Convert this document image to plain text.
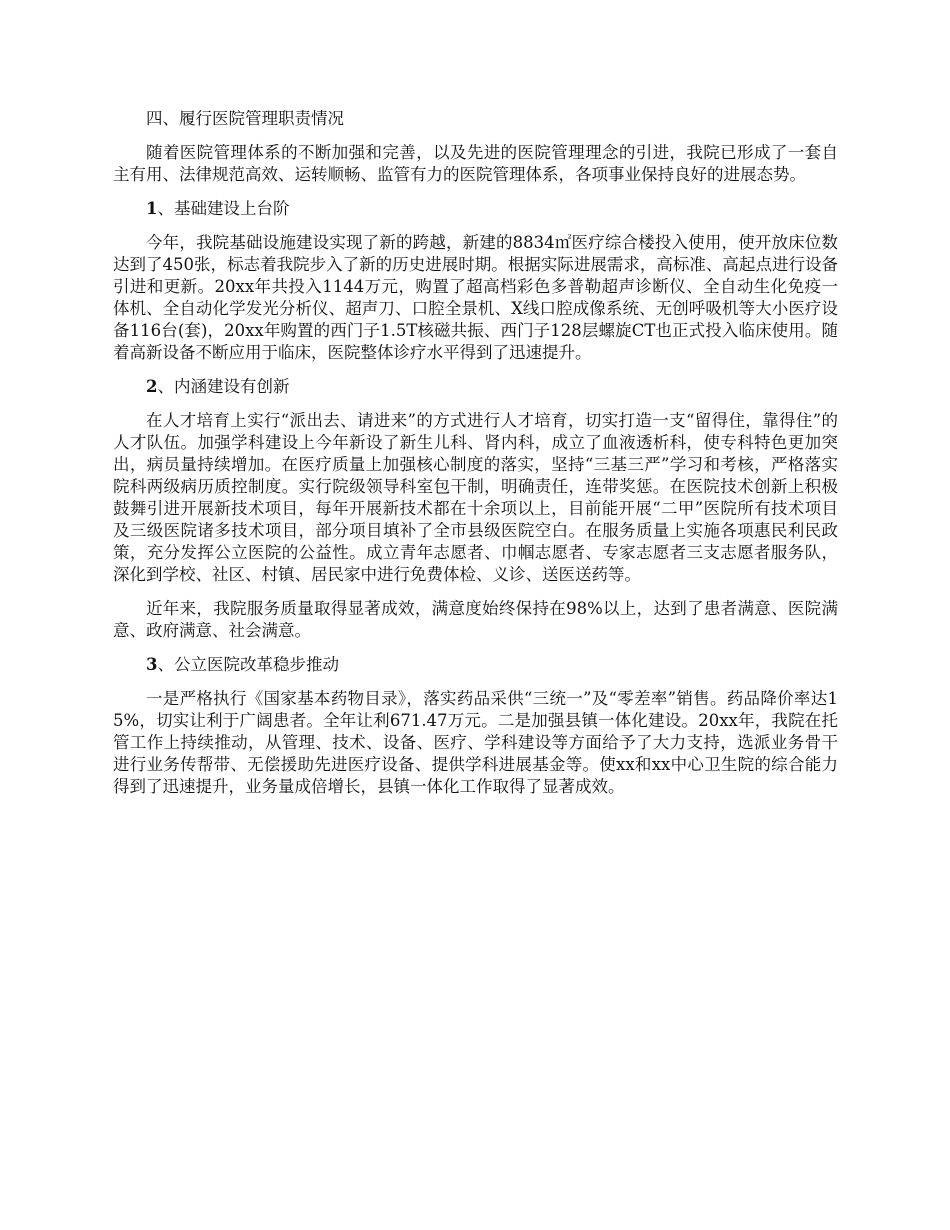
四、履行医院管理职责情况

随着医院管理体系的不断加强和完善，以及先进的医院管理理念的引进，我院已形成了一套自主有用、法律规范高效、运转顺畅、监管有力的医院管理体系，各项事业保持良好的进展态势。

1、基础建设上台阶

今年，我院基础设施建设实现了新的跨越，新建的8834㎡医疗综合楼投入使用，使开放床位数达到了450张，标志着我院步入了新的历史进展时期。根据实际进展需求，高标准、高起点进行设备引进和更新。20xx年共投入1144万元，购置了超高档彩色多普勒超声诊断仪、全自动生化免疫一体机、全自动化学发光分析仪、超声刀、口腔全景机、X线口腔成像系统、无创呼吸机等大小医疗设备116台(套)，20xx年购置的西门子1.5T核磁共振、西门子128层螺旋CT也正式投入临床使用。随着高新设备不断应用于临床，医院整体诊疗水平得到了迅速提升。

2、内涵建设有创新

在人才培育上实行“派出去、请进来”的方式进行人才培育，切实打造一支“留得住，靠得住”的人才队伍。加强学科建设上今年新设了新生儿科、肾内科，成立了血液透析科，使专科特色更加突出，病员量持续增加。在医疗质量上加强核心制度的落实，坚持“三基三严”学习和考核，严格落实院科两级病历质控制度。实行院级领导科室包干制，明确责任，连带奖惩。在医院技术创新上积极鼓舞引进开展新技术项目，每年开展新技术都在十余项以上，目前能开展“二甲”医院所有技术项目及三级医院诸多技术项目，部分项目填补了全市县级医院空白。在服务质量上实施各项惠民利民政策，充分发挥公立医院的公益性。成立青年志愿者、巾帼志愿者、专家志愿者三支志愿者服务队，深化到学校、社区、村镇、居民家中进行免费体检、义诊、送医送药等。

近年来，我院服务质量取得显著成效，满意度始终保持在98%以上，达到了患者满意、医院满意、政府满意、社会满意。

3、公立医院改革稳步推动

一是严格执行《国家基本药物目录》，落实药品采供“三统一”及“零差率”销售。药品降价率达15%，切实让利于广阔患者。全年让利671.47万元。二是加强县镇一体化建设。20xx年，我院在托管工作上持续推动，从管理、技术、设备、医疗、学科建设等方面给予了大力支持，选派业务骨干进行业务传帮带、无偿援助先进医疗设备、提供学科进展基金等。使xx和xx中心卫生院的综合能力得到了迅速提升，业务量成倍增长，县镇一体化工作取得了显著成效。
